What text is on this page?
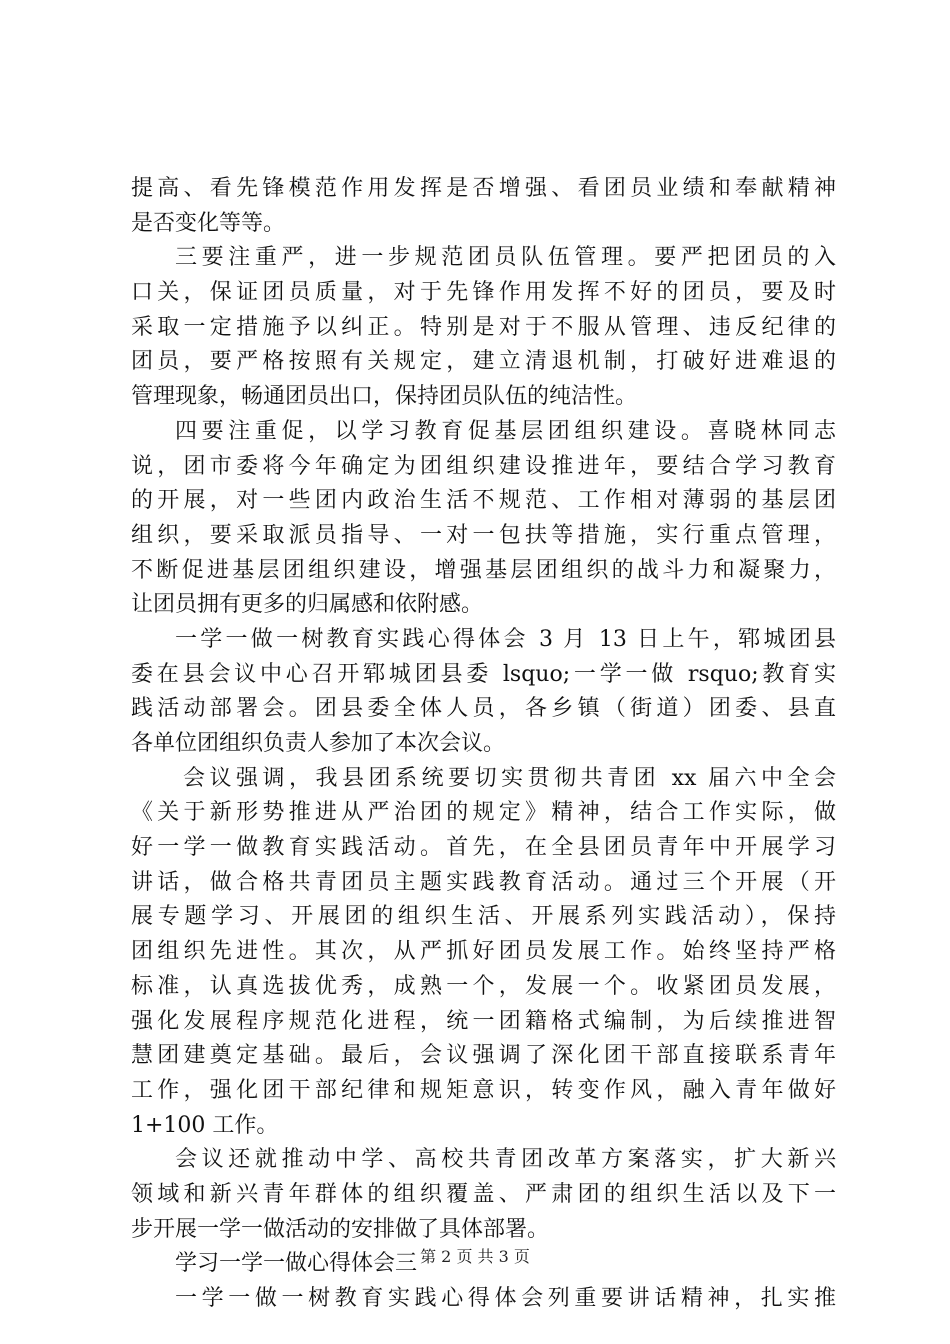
提高、看先锋模范作用发挥是否增强、看团员业绩和奉献精神
是否变化等等。
三要注重严，进一步规范团员队伍管理。要严把团员的入
口关，保证团员质量，对于先锋作用发挥不好的团员，要及时
采取一定措施予以纠正。特别是对于不服从管理、违反纪律的
团员，要严格按照有关规定，建立清退机制，打破好进难退的
管理现象，畅通团员出口，保持团员队伍的纯洁性。
四要注重促，以学习教育促基层团组织建设。喜晓林同志
说，团市委将今年确定为团组织建设推进年，要结合学习教育
的开展，对一些团内政治生活不规范、工作相对薄弱的基层团
组织，要采取派员指导、一对一包扶等措施，实行重点管理，
不断促进基层团组织建设，增强基层团组织的战斗力和凝聚力，
让团员拥有更多的归属感和依附感。
一学一做一树教育实践心得体会 3 月 13 日上午，郓城团县
委在县会议中心召开郓城团县委 lsquo;一学一做 rsquo;教育实
践活动部署会。团县委全体人员，各乡镇（街道）团委、县直
各单位团组织负责人参加了本次会议。
会议强调，我县团系统要切实贯彻共青团 xx 届六中全会
《关于新形势推进从严治团的规定》精神，结合工作实际，做
好一学一做教育实践活动。首先，在全县团员青年中开展学习
讲话，做合格共青团员主题实践教育活动。通过三个开展（开
展专题学习、开展团的组织生活、开展系列实践活动），保持
团组织先进性。其次，从严抓好团员发展工作。始终坚持严格
标准，认真选拔优秀，成熟一个，发展一个。收紧团员发展，
强化发展程序规范化进程，统一团籍格式编制，为后续推进智
慧团建奠定基础。最后，会议强调了深化团干部直接联系青年
工作，强化团干部纪律和规矩意识，转变作风，融入青年做好
1+100 工作。
会议还就推动中学、高校共青团改革方案落实，扩大新兴
领域和新兴青年群体的组织覆盖、严肃团的组织生活以及下一
步开展一学一做活动的安排做了具体部署。
学习一学一做心得体会三
一学一做一树教育实践心得体会列重要讲话精神，扎实推
第 2 页 共 3 页
